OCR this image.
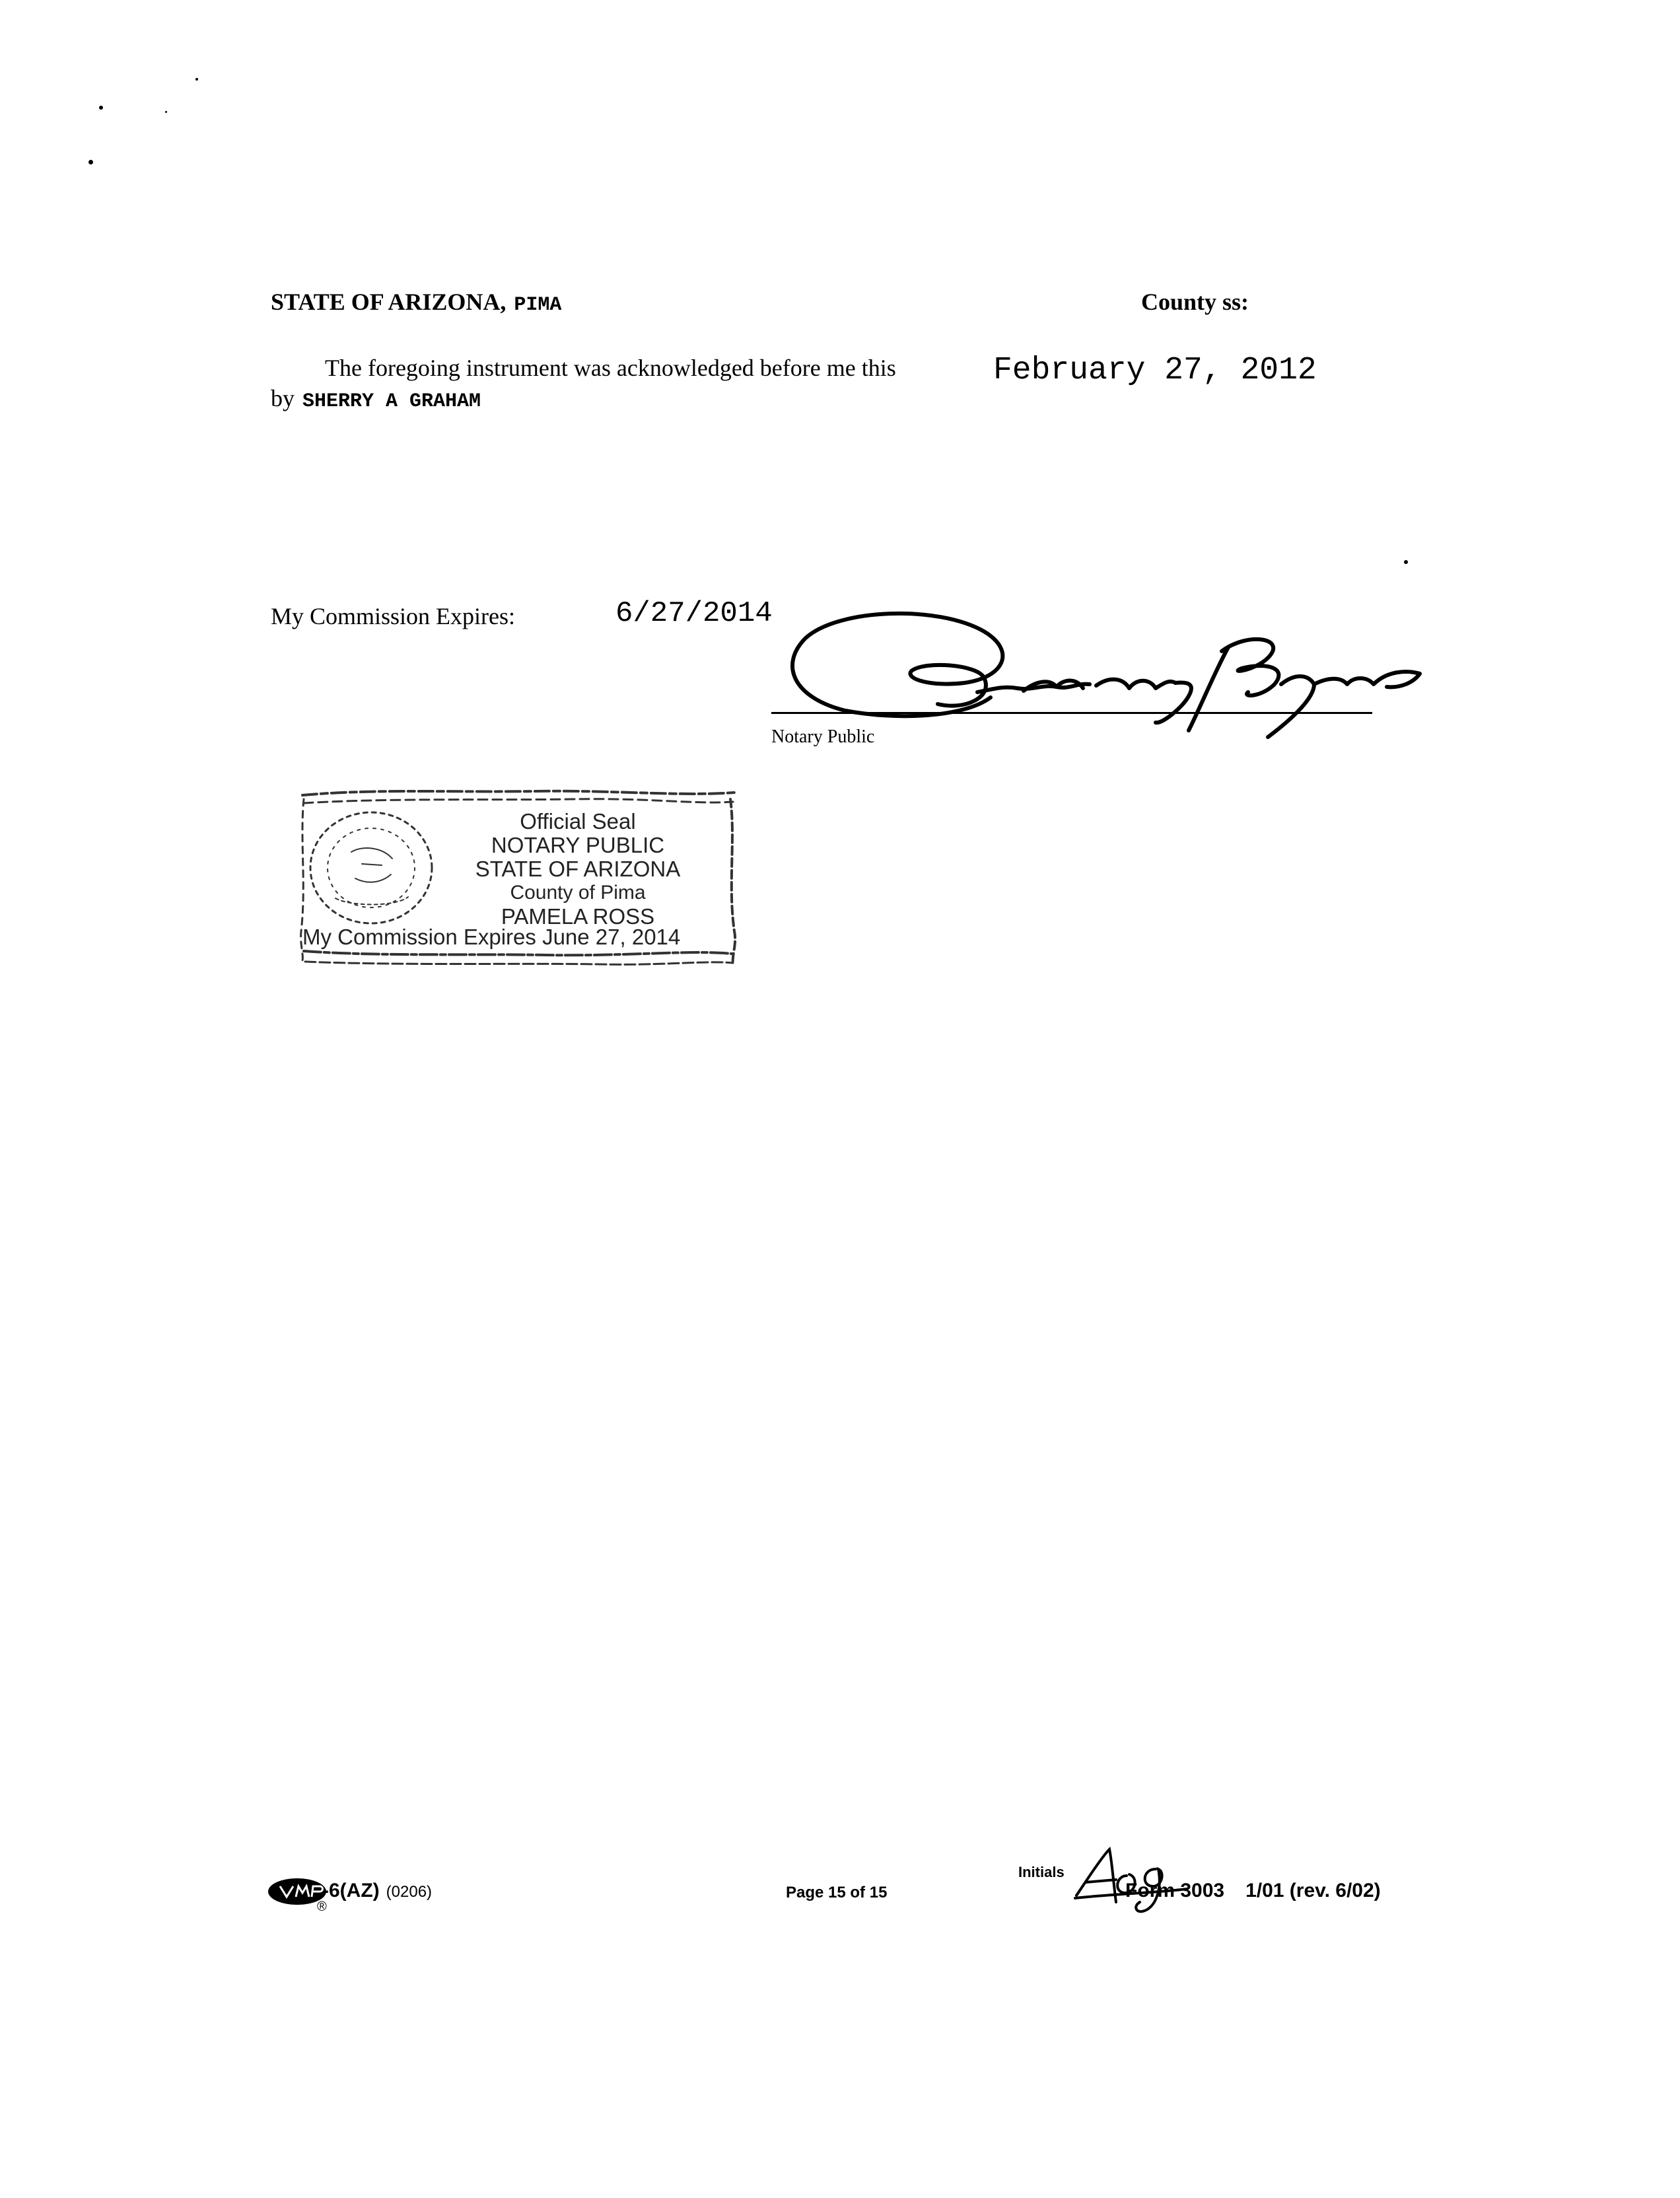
STATE OF ARIZONA, PIMA	County ss:
The foregoing instrument was acknowledged before me this	February 27, 2012
by SHERRY A GRAHAM
My Commission Expires:	6/27/2014
Notary Public
Official Seal
NOTARY PUBLIC
STATE OF ARIZONA
County of Pima
PAMELA ROSS
My Commission Expires June 27, 2014
-6(AZ) (0206)
®
Page 15 of 15
Initials
Form 3003 1/01 (rev. 6/02)
